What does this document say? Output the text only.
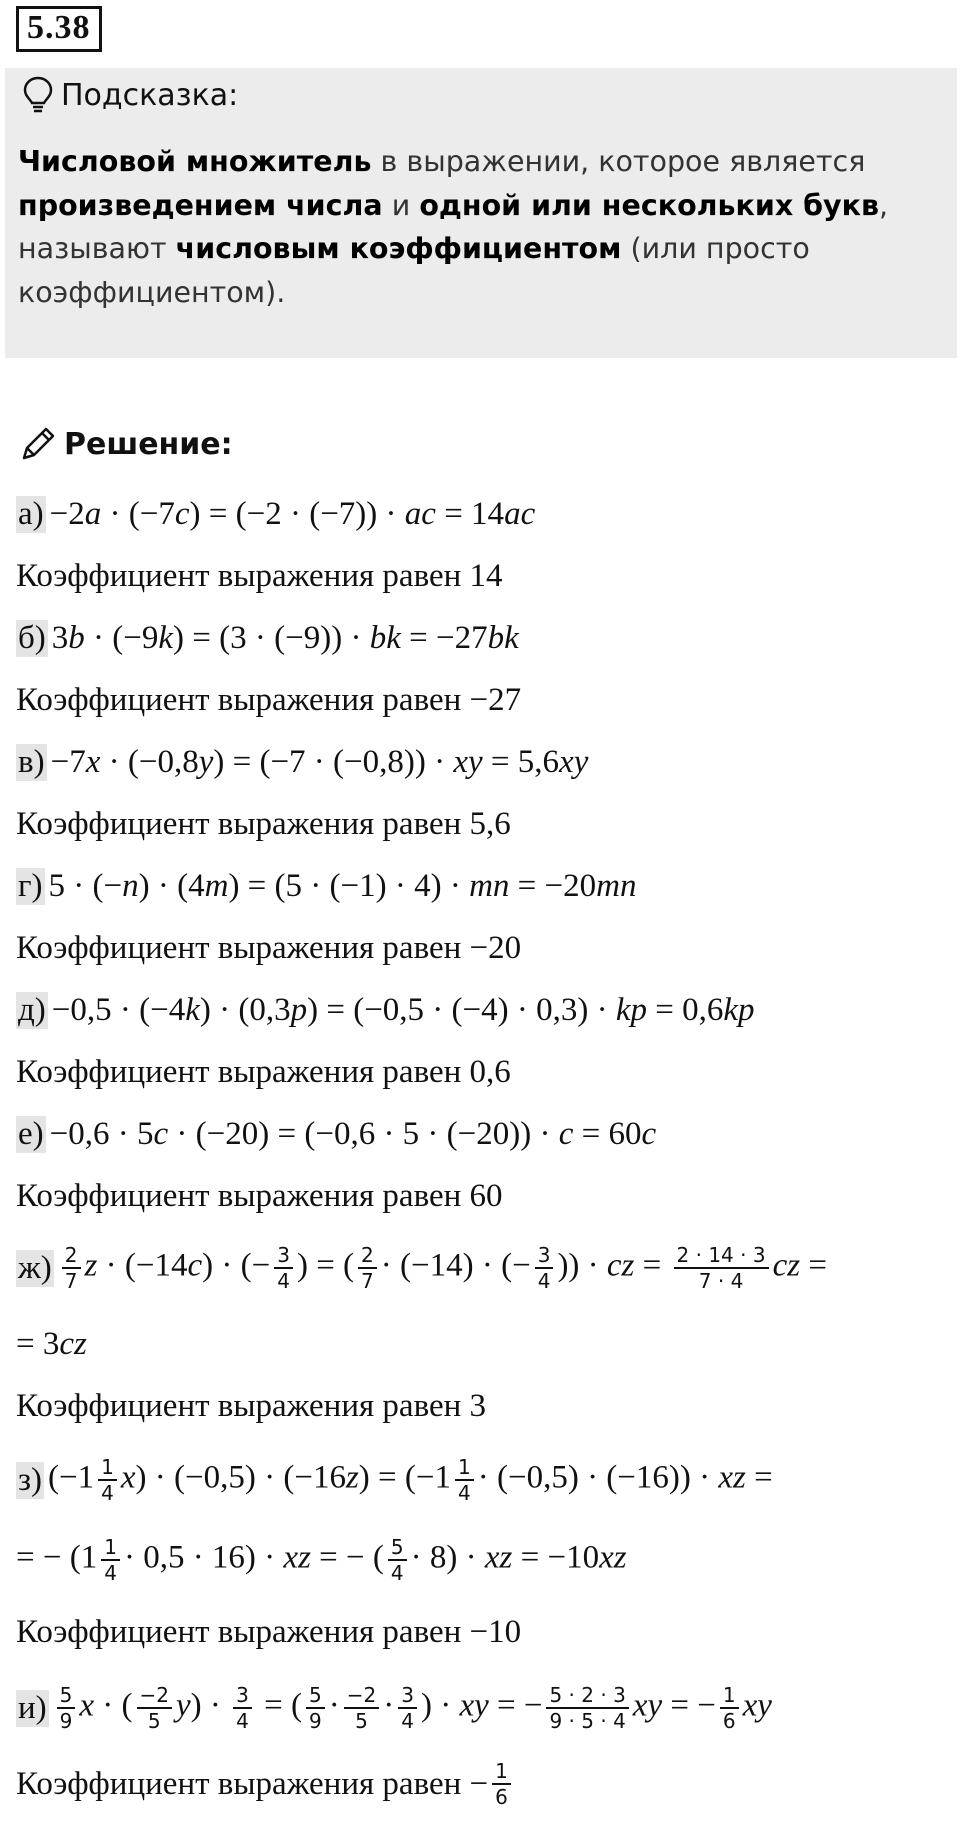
5.38
Подсказка:
Числовой множитель в выражении, которое является
произведением числа и одной или нескольких букв,
называют числовым коэффициентом (или просто
коэффициентом).
Решение:
а) −2a · (−7c) = (−2 · (−7)) · ac = 14ac
Коэффициент выражения равен
14
б) 3b · (−9k) = (3 · (−9)) · bk = −27bk
Коэффициент выражения равен
−27
в) −7x · (−0,8y) = (−7 · (−0,8)) · xy = 5,6xy
Коэффициент выражения равен
5,6
г) 5 · (−n) · (4m) = (5 · (−1) · 4) · mn = −20mn
Коэффициент выражения равен
−20
д) −0,5 · (−4k) · (0,3p) = (−0,5 · (−4) · 0,3) · kp = 0,6kp
Коэффициент выражения равен
0,6
е) −0,6 · 5c · (−20) = (−0,6 · 5 · (−20)) · c = 60c
Коэффициент выражения равен
60
$ж) \frac{2}{7}$ z · (−14c) · (− $\frac{3}{4}$ ) = ( $\frac{2}{7} \cdot (-14)$ · (− $\frac{3}{4}$ )) · cz = $\frac{2 \cdot 14 \cdot 3}{7 \cdot 4}$ cz =
= 3cz
Коэффициент выражения равен
3
з) $(-1 \frac{1}{4} x) \cdot (-0,5) \cdot (-16z) = (-1 \frac{1}{4} \cdot (-0,5) \cdot (-16))$ · xz =
= − $(1 \frac{1}{4} \cdot 0,5 \cdot 16)$ · xz = − ( $\frac{5}{4} \cdot 8$) · xz = −10xz
Коэффициент выражения равен
−10
$и) \frac{5}{9}$ x · ( $\frac{-2}{5} y) \cdot \frac{3}{4}$ = ( $\frac{5}{9} \cdot \frac{-2}{5} \cdot \frac{3}{4}$ ) · xy = − $\frac{5 \cdot 2 \cdot 3}{9 \cdot 5 \cdot 4}$ xy = − $\frac{1}{6}$ xy
Коэффициент выражения равен
− $\frac{1}{6}$
